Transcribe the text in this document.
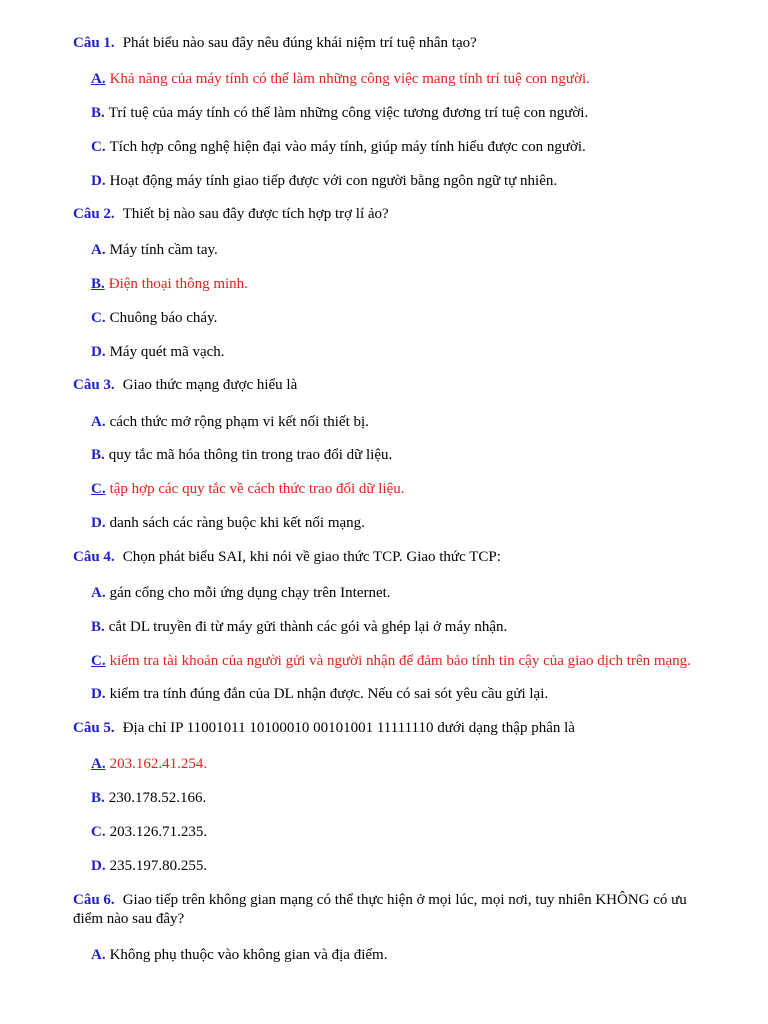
Câu 1. Phát biểu nào sau đây nêu đúng khái niệm trí tuệ nhân tạo?
A. Khả năng của máy tính có thể làm những công việc mang tính trí tuệ con người.
B. Trí tuệ của máy tính có thể làm những công việc tương đương trí tuệ con người.
C. Tích hợp công nghệ hiện đại vào máy tính, giúp máy tính hiểu được con người.
D. Hoạt động máy tính giao tiếp được với con người bằng ngôn ngữ tự nhiên.
Câu 2. Thiết bị nào sau đây được tích hợp trợ lí ảo?
A. Máy tính cầm tay.
B. Điện thoại thông minh.
C. Chuông báo cháy.
D. Máy quét mã vạch.
Câu 3. Giao thức mạng được hiểu là
A. cách thức mở rộng phạm vi kết nối thiết bị.
B. quy tắc mã hóa thông tin trong trao đổi dữ liệu.
C. tập hợp các quy tắc về cách thức trao đổi dữ liệu.
D. danh sách các ràng buộc khi kết nối mạng.
Câu 4. Chọn phát biểu SAI, khi nói về giao thức TCP. Giao thức TCP:
A. gán cổng cho mỗi ứng dụng chạy trên Internet.
B. cắt DL truyền đi từ máy gửi thành các gói và ghép lại ở máy nhận.
C. kiểm tra tài khoản của người gửi và người nhận để đảm bảo tính tin cậy của giao dịch trên mạng.
D. kiểm tra tính đúng đắn của DL nhận được. Nếu có sai sót yêu cầu gửi lại.
Câu 5. Địa chỉ IP 11001011 10100010 00101001 11111110 dưới dạng thập phân là
A. 203.162.41.254.
B. 230.178.52.166.
C. 203.126.71.235.
D. 235.197.80.255.
Câu 6. Giao tiếp trên không gian mạng có thể thực hiện ở mọi lúc, mọi nơi, tuy nhiên KHÔNG có ưu điểm nào sau đây?
A. Không phụ thuộc vào không gian và địa điểm.
